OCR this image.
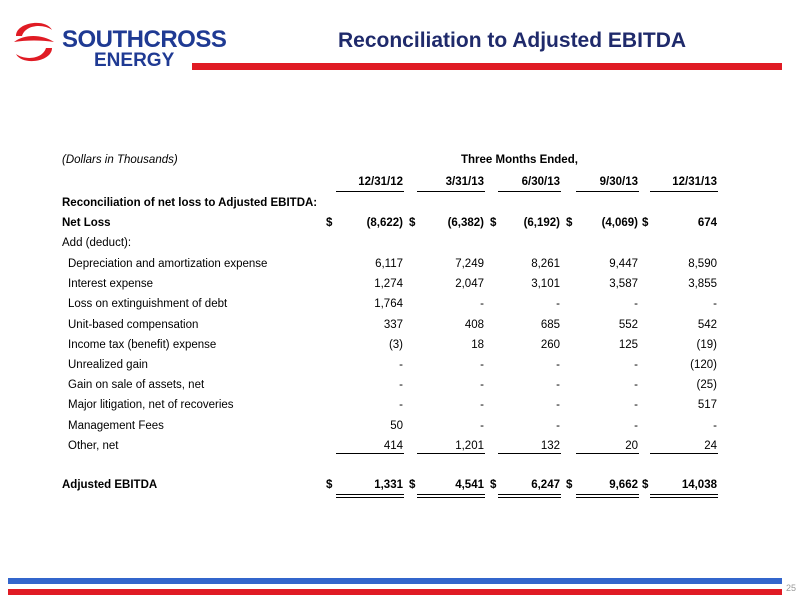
SOUTHCROSS
ENERGY
Reconciliation to Adjusted EBITDA
25
(Dollars in Thousands)	Three Months Ended,
12/31/12	3/31/13	6/30/13	9/30/13	12/31/13
Reconciliation of net loss to Adjusted EBITDA:
Net Loss	$	(8,622) $	(6,382) $ (6,192) $	(4,069) $	674
Add (deduct):
Depreciation and amortization expense	6,117	7,249	8,261	9,447	8,590
Interest expense	1,274	2,047	3,101	3,587	3,855
Loss on extinguishment of debt	1,764	-	-	-	-
Unit-based compensation	337	408	685	552	542
Income tax (benefit) expense	(3)	18	260	125	(19)
Unrealized gain	-	-	-	-	(120)
Gain on sale of assets, net	-	-	-	-	(25)
Major litigation, net of recoveries	-	-	-	-	517
Management Fees	50	-	-	-	-
Other, net	414	1,201	132	20	24
Adjusted EBITDA	$	1,331 $	4,541 $	6,247 $	9,662 $	14,038
